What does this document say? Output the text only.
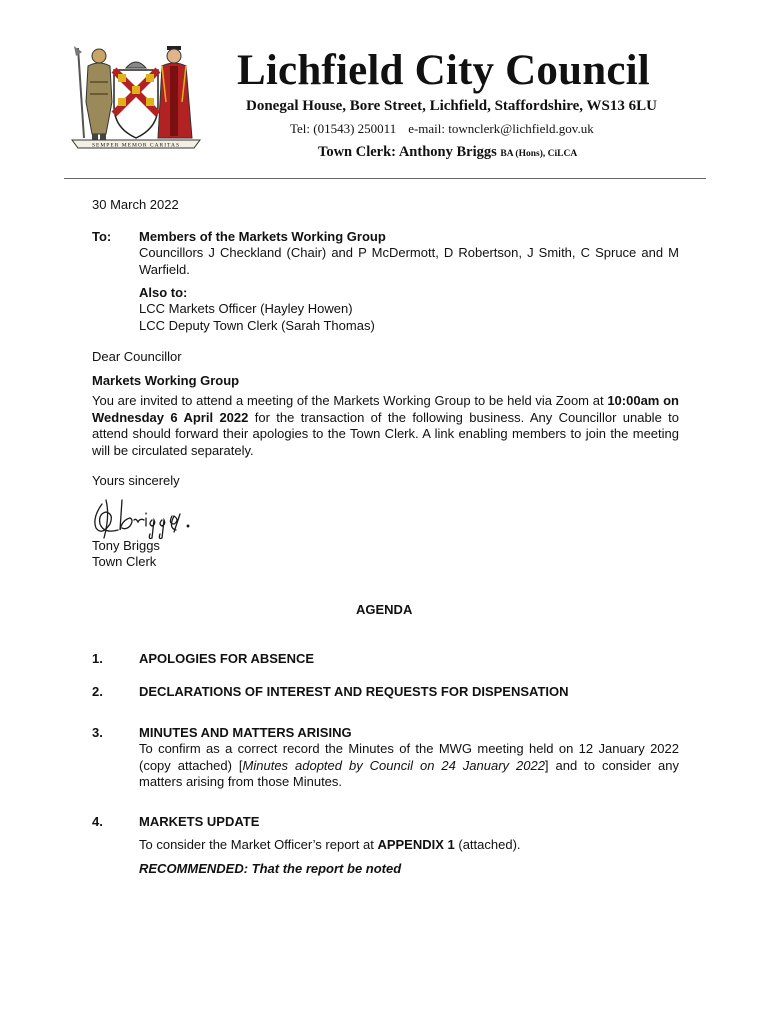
SEMPER MEMOR CARITAS
Lichfield City Council
Donegal House, Bore Street, Lichfield, Staffordshire, WS13 6LU
Tel: (01543) 250011 e-mail: townclerk@lichfield.gov.uk
Town Clerk: Anthony Briggs BA (Hons), CiLCA
30 March 2022
To: Members of the Markets Working Group
Councillors J Checkland (Chair) and P McDermott, D Robertson, J Smith, C Spruce and M Warfield.
Also to:
LCC Markets Officer (Hayley Howen)
LCC Deputy Town Clerk (Sarah Thomas)
Dear Councillor
Markets Working Group
You are invited to attend a meeting of the Markets Working Group to be held via Zoom at 10:00am on Wednesday 6 April 2022 for the transaction of the following business. Any Councillor unable to attend should forward their apologies to the Town Clerk. A link enabling members to join the meeting will be circulated separately.
Yours sincerely
Tony Briggs
Town Clerk
AGENDA
1.	APOLOGIES FOR ABSENCE
2.	DECLARATIONS OF INTEREST AND REQUESTS FOR DISPENSATION
3.	MINUTES AND MATTERS ARISING
To confirm as a correct record the Minutes of the MWG meeting held on 12 January 2022 (copy attached) [Minutes adopted by Council on 24 January 2022] and to consider any matters arising from those Minutes.
4.	MARKETS UPDATE
To consider the Market Officer’s report at APPENDIX 1 (attached).
RECOMMENDED: That the report be noted
